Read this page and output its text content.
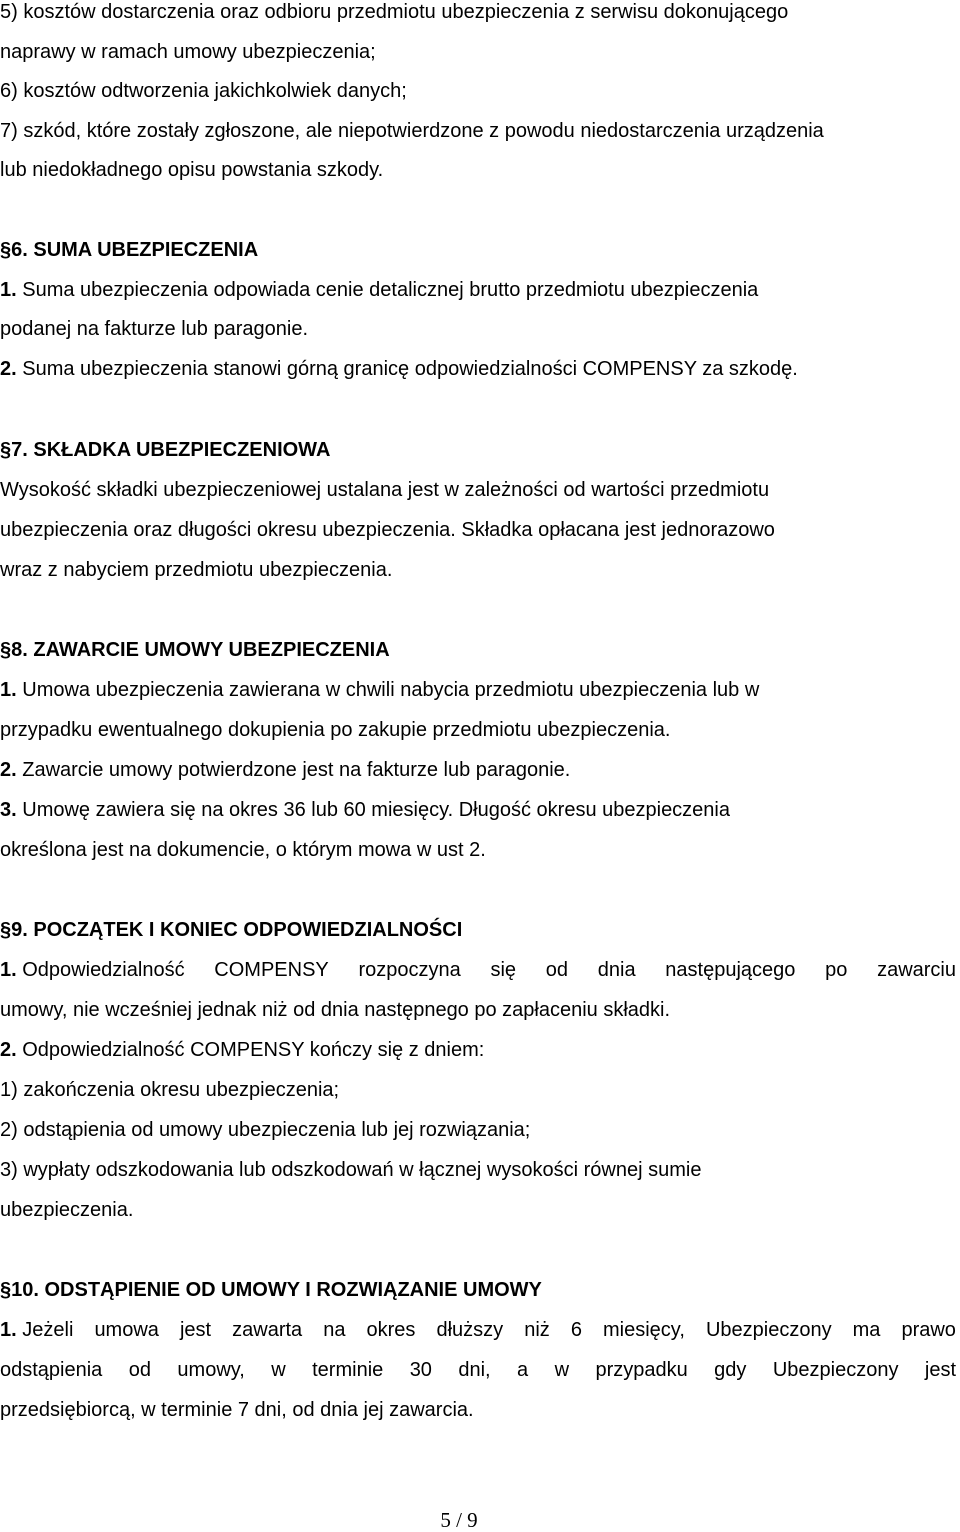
5) kosztów dostarczenia oraz odbioru przedmiotu ubezpieczenia z serwisu dokonującego

naprawy w ramach umowy ubezpieczenia;

6) kosztów odtworzenia jakichkolwiek danych;

7) szkód, które zostały zgłoszone, ale niepotwierdzone z powodu niedostarczenia urządzenia

lub niedokładnego opisu powstania szkody.

§6. SUMA UBEZPIECZENIA

1. Suma ubezpieczenia odpowiada cenie detalicznej brutto przedmiotu ubezpieczenia

podanej na fakturze lub paragonie.

2. Suma ubezpieczenia stanowi górną granicę odpowiedzialności COMPENSY za szkodę.

§7. SKŁADKA UBEZPIECZENIOWA

Wysokość składki ubezpieczeniowej ustalana jest w zależności od wartości przedmiotu

ubezpieczenia oraz długości okresu ubezpieczenia. Składka opłacana jest jednorazowo

wraz z nabyciem przedmiotu ubezpieczenia.

§8. ZAWARCIE UMOWY UBEZPIECZENIA

1. Umowa ubezpieczenia zawierana w chwili nabycia przedmiotu ubezpieczenia lub w

przypadku ewentualnego dokupienia po zakupie przedmiotu ubezpieczenia.

2. Zawarcie umowy potwierdzone jest na fakturze lub paragonie.

3. Umowę zawiera się na okres 36 lub 60 miesięcy. Długość okresu ubezpieczenia

określona jest na dokumencie, o którym mowa w ust 2.

§9. POCZĄTEK I KONIEC ODPOWIEDZIALNOŚCI

1. Odpowiedzialność COMPENSY rozpoczyna się od dnia następującego po zawarciu

umowy, nie wcześniej jednak niż od dnia następnego po zapłaceniu składki.

2. Odpowiedzialność COMPENSY kończy się z dniem:

1) zakończenia okresu ubezpieczenia;

2) odstąpienia od umowy ubezpieczenia lub jej rozwiązania;

3) wypłaty odszkodowania lub odszkodowań w łącznej wysokości równej sumie

ubezpieczenia.

§10. ODSTĄPIENIE OD UMOWY I ROZWIĄZANIE UMOWY

1. Jeżeli umowa jest zawarta na okres dłuższy niż 6 miesięcy, Ubezpieczony ma prawo

odstąpienia od umowy, w terminie 30 dni, a w przypadku gdy Ubezpieczony jest

przedsiębiorcą, w terminie 7 dni, od dnia jej zawarcia.

5 / 9
